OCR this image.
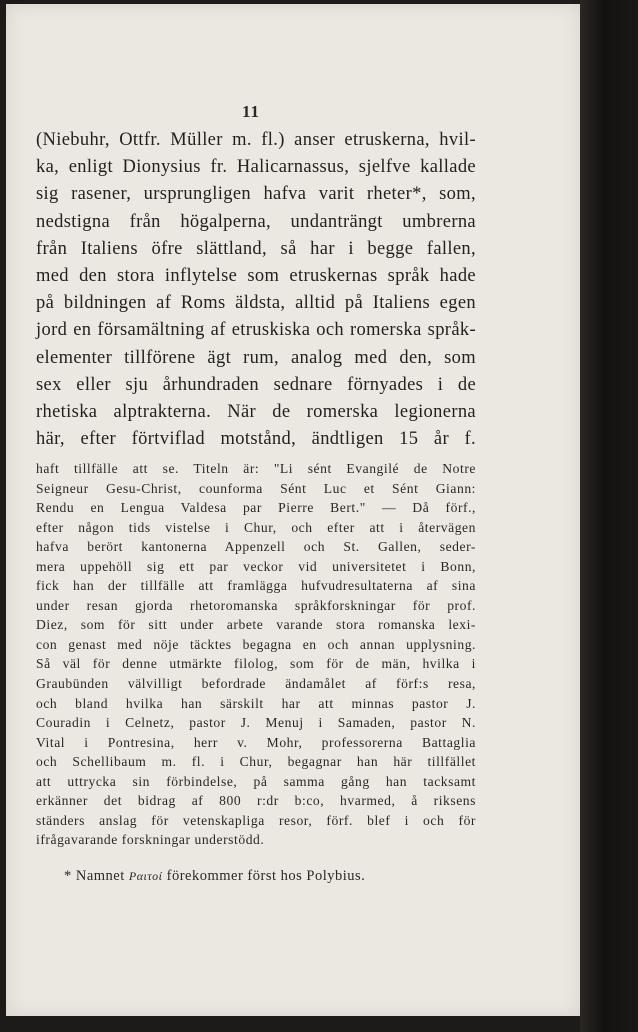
11
(Niebuhr, Ottfr. Müller m. fl.) anser etruskerna, hvil-
ka, enligt Dionysius fr. Halicarnassus, sjelfve kallade
sig rasener, ursprungligen hafva varit rheter*, som,
nedstigna från högalperna, undanträngt umbrerna
från Italiens öfre slättland, så har i begge fallen,
med den stora inflytelse som etruskernas språk hade
på bildningen af Roms äldsta, alltid på Italiens egen
jord en församältning af etruskiska och romerska språk-
elementer tillförene ägt rum, analog med den, som
sex eller sju århundraden sednare förnyades i de
rhetiska alptrakterna. När de romerska legionerna
här, efter förtviflad motstånd, ändtligen 15 år f.
haft tillfälle att se. Titeln är: "Li sént Evangilé de Notre
Seigneur Gesu-Christ, counforma Sént Luc et Sént Giann:
Rendu en Lengua Valdesa par Pierre Bert." — Då förf.,
efter någon tids vistelse i Chur, och efter att i återvägen
hafva berört kantonerna Appenzell och St. Gallen, seder-
mera uppehöll sig ett par veckor vid universitetet i Bonn,
fick han der tillfälle att framlägga hufvudresultaterna af sina
under resan gjorda rhetoromanska språkforskningar för prof.
Diez, som för sitt under arbete varande stora romanska lexi-
con genast med nöje täcktes begagna en och annan upplysning.
Så väl för denne utmärkte filolog, som för de män, hvilka i
Graubünden välvilligt befordrade ändamålet af förf:s resa,
och bland hvilka han särskilt har att minnas pastor J.
Couradin i Celnetz, pastor J. Menuj i Samaden, pastor N.
Vital i Pontresina, herr v. Mohr, professorerna Battaglia
och Schellibaum m. fl. i Chur, begagnar han här tillfället
att uttrycka sin förbindelse, på samma gång han tacksamt
erkänner det bidrag af 800 r:dr b:co, hvarmed, å riksens
ständers anslag för vetenskapliga resor, förf. blef i och för
ifrågavarande forskningar understödd.
* Namnet Ραιτοί förekommer först hos Polybius.
